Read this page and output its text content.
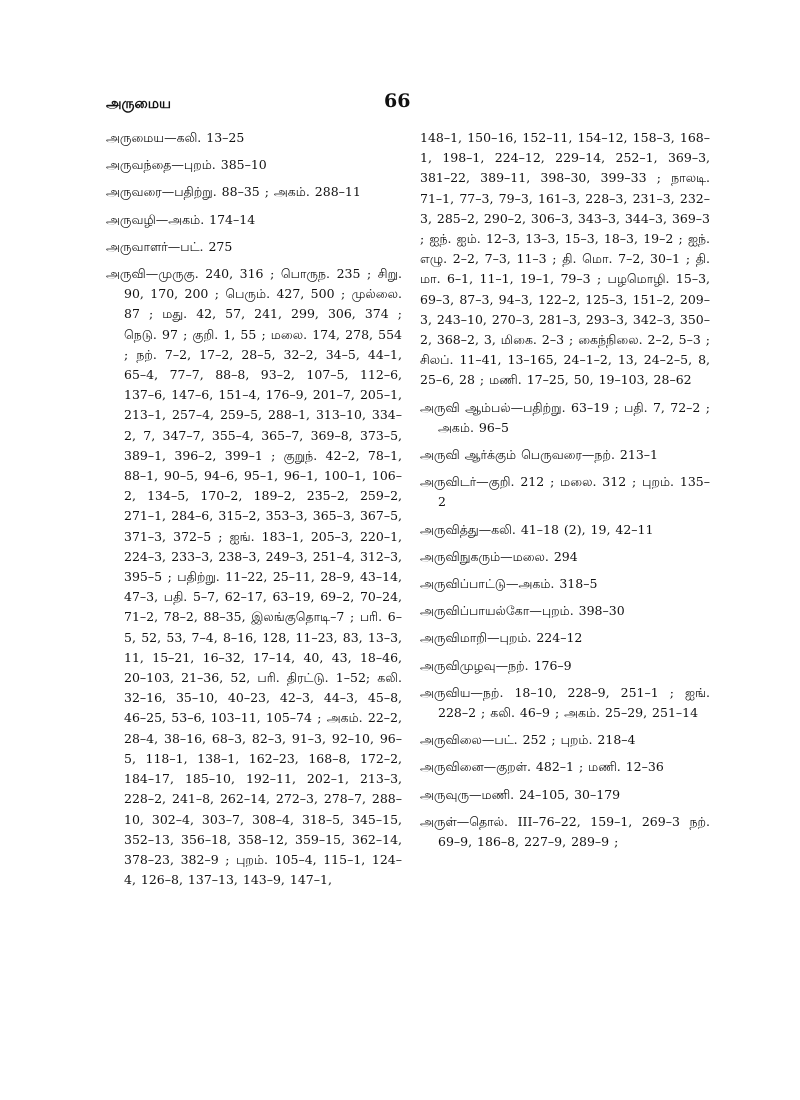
அருமைய	66

அருமைய—கலி. 13–25

அருவந்தை—புறம். 385–10

அருவரை—பதிற்று. 88–35 ; அகம். 288–11

அருவழி—அகம். 174–14

அருவாளர்—பட். 275

அருவி—முருகு. 240, 316 ; பொருந. 235 ; சிறு. 90, 170, 200 ; பெரும். 427, 500 ; முல்லை. 87 ; மது. 42, 57, 241, 299, 306, 374 ; நெடு. 97 ; குறி. 1, 55 ; மலை. 174, 278, 554 ; நற். 7–2, 17–2, 28–5, 32–2, 34–5, 44–1, 65–4, 77–7, 88–8, 93–2, 107–5, 112–6, 137–6, 147–6, 151–4, 176–9, 201–7, 205–1, 213–1, 257–4, 259–5, 288–1, 313–10, 334–2, 7, 347–7, 355–4, 365–7, 369–8, 373–5, 389–1, 396–2, 399–1 ; குறுந். 42–2, 78–1, 88–1, 90–5, 94–6, 95–1, 96–1, 100–1, 106–2, 134–5, 170–2, 189–2, 235–2, 259–2, 271–1, 284–6, 315–2, 353–3, 365–3, 367–5, 371–3, 372–5 ; ஐங். 183–1, 205–3, 220–1, 224–3, 233–3, 238–3, 249–3, 251–4, 312–3, 395–5 ; பதிற்று. 11–22, 25–11, 28–9, 43–14, 47–3, பதி. 5–7, 62–17, 63–19, 69–2, 70–24, 71–2, 78–2, 88–35, இலங்குதொடி–7 ; பரி. 6–5, 52, 53, 7–4, 8–16, 128, 11–23, 83, 13–3, 11, 15–21, 16–32, 17–14, 40, 43, 18–46, 20–103, 21–36, 52, பரி. திரட்டு. 1–52; கலி. 32–16, 35–10, 40–23, 42–3, 44–3, 45–8, 46–25, 53–6, 103–11, 105–74 ; அகம். 22–2, 28–4, 38–16, 68–3, 82–3, 91–3, 92–10, 96–5, 118–1, 138–1, 162–23, 168–8, 172–2, 184–17, 185–10, 192–11, 202–1, 213–3, 228–2, 241–8, 262–14, 272–3, 278–7, 288–10, 302–4, 303–7, 308–4, 318–5, 345–15, 352–13, 356–18, 358–12, 359–15, 362–14, 378–23, 382–9 ; புறம். 105–4, 115–1, 124–4, 126–8, 137–13, 143–9, 147–1,

148–1, 150–16, 152–11, 154–12, 158–3, 168–1, 198–1, 224–12, 229–14, 252–1, 369–3, 381–22, 389–11, 398–30, 399–33 ; நாலடி. 71–1, 77–3, 79–3, 161–3, 228–3, 231–3, 232–3, 285–2, 290–2, 306–3, 343–3, 344–3, 369–3 ; ஐந். ஐம். 12–3, 13–3, 15–3, 18–3, 19–2 ; ஐந். எழு. 2–2, 7–3, 11–3 ; தி. மொ. 7–2, 30–1 ; தி. மா. 6–1, 11–1, 19–1, 79–3 ; பழமொழி. 15–3, 69–3, 87–3, 94–3, 122–2, 125–3, 151–2, 209–3, 243–10, 270–3, 281–3, 293–3, 342–3, 350–2, 368–2, 3, மிகை. 2–3 ; கைந்நிலை. 2–2, 5–3 ; சிலப். 11–41, 13–165, 24–1–2, 13, 24–2–5, 8, 25–6, 28 ; மணி. 17–25, 50, 19–103, 28–62

அருவி ஆம்பல்—பதிற்று. 63–19 ; பதி. 7, 72–2 ; அகம். 96–5

அருவி ஆர்க்கும் பெருவரை—நற். 213–1

அருவிடர்—குறி. 212 ; மலை. 312 ; புறம். 135–2

அருவித்து—கலி. 41–18 (2), 19, 42–11

அருவிநுகரும்—மலை. 294

அருவிப்பாட்டு—அகம். 318–5

அருவிப்பாயல்கோ—புறம். 398–30

அருவிமாறி—புறம். 224–12

அருவிமுழவு—நற். 176–9

அருவிய—நற். 18–10, 228–9, 251–1 ; ஐங். 228–2 ; கலி. 46–9 ; அகம். 25–29, 251–14

அருவிலை—பட். 252 ; புறம். 218–4

அருவினை—குறள். 482–1 ; மணி. 12–36

அருவுரு—மணி. 24–105, 30–179

அருள்—தொல். III–76–22, 159–1, 269–3 நற். 69–9, 186–8, 227–9, 289–9 ;
